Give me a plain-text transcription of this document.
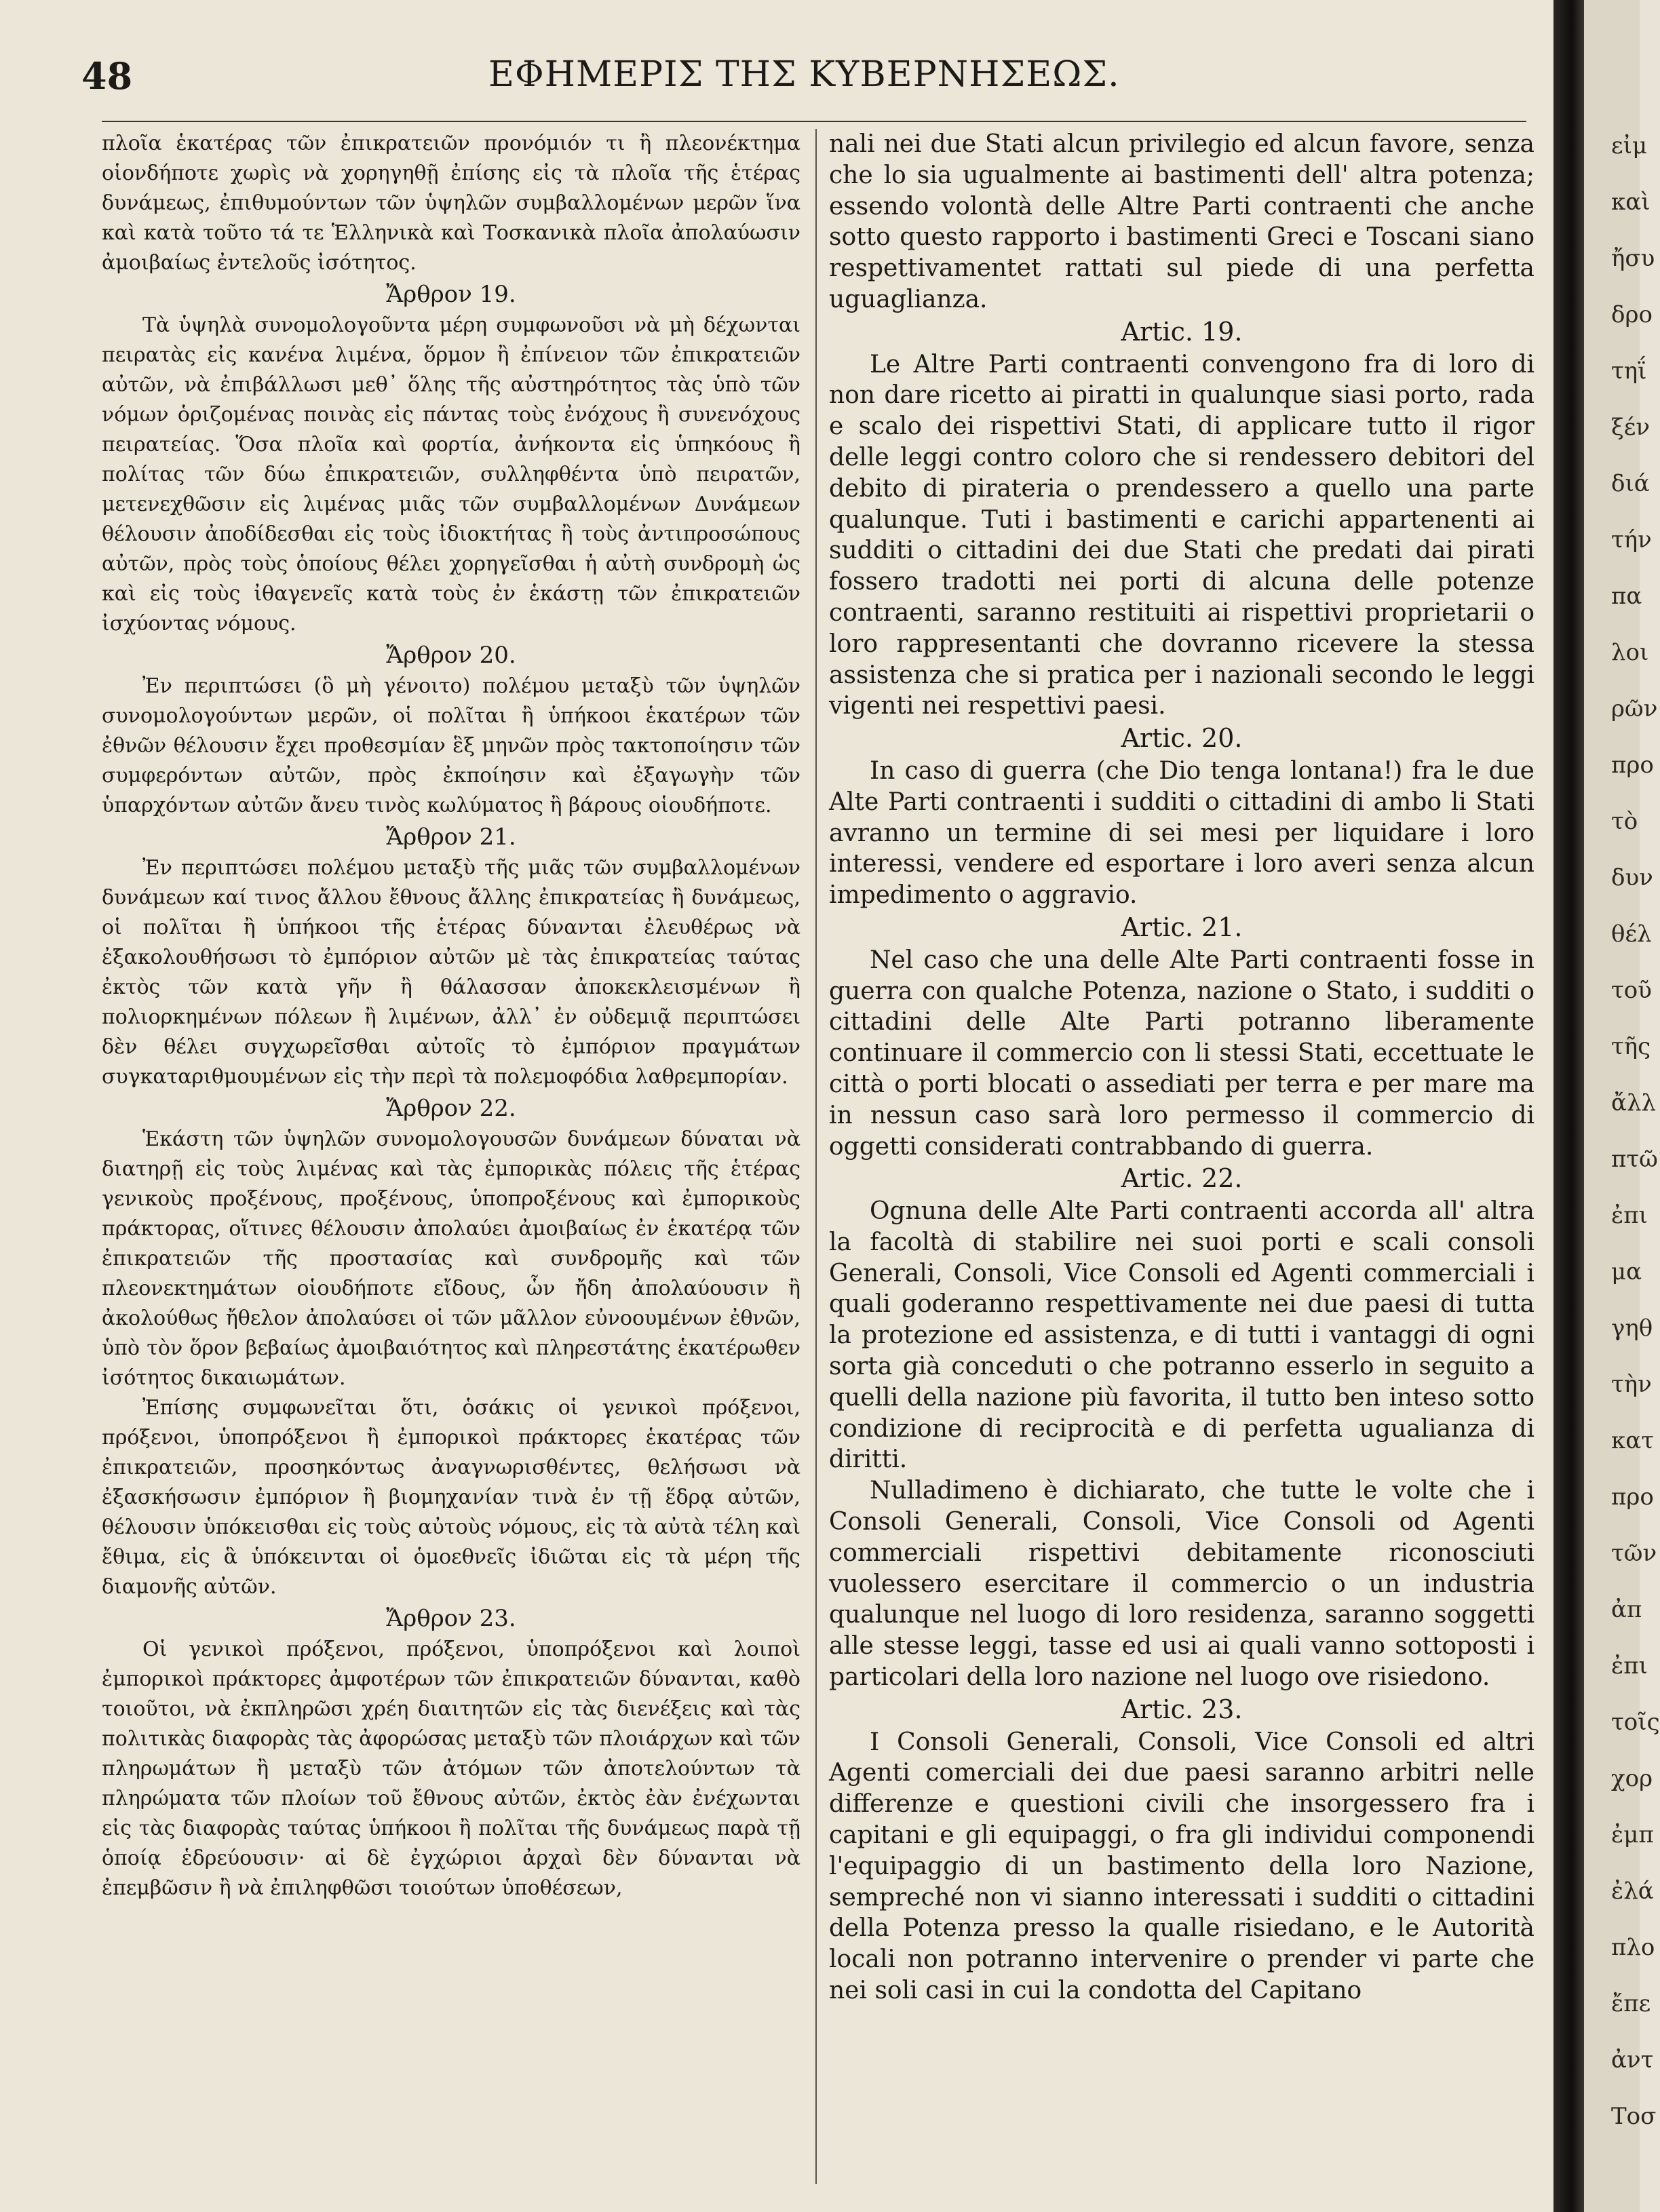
48	ΕΦΗΜΕΡΙΣ ΤΗΣ ΚΥΒΕΡΝΗΣΕΩΣ.

πλοῖα ἑκατέρας τῶν ἐπικρατειῶν προνόμιόν τι ἢ πλεονέκτημα οἱονδήποτε χωρὶς νὰ χορηγηθῇ ἐπίσης εἰς τὰ πλοῖα τῆς ἑτέρας δυνάμεως, ἐπιθυμούντων τῶν ὑψηλῶν συμβαλλομένων μερῶν ἵνα καὶ κατὰ τοῦτο τά τε Ἑλληνικὰ καὶ Τοσκανικὰ πλοῖα ἀπολαύωσιν ἀμοιβαίως ἐντελοῦς ἰσότητος.

Ἄρθρον 19.

Τὰ ὑψηλὰ συνομολογοῦντα μέρη συμφωνοῦσι νὰ μὴ δέχωνται πειρατὰς εἰς κανένα λιμένα, ὅρμον ἢ ἐπίνειον τῶν ἐπικρατειῶν αὐτῶν, νὰ ἐπιβάλλωσι μεθ᾽ ὅλης τῆς αὐστηρότητος τὰς ὑπὸ τῶν νόμων ὁριζομένας ποινὰς εἰς πάντας τοὺς ἐνόχους ἢ συνενόχους πειρατείας. Ὅσα πλοῖα καὶ φορτία, ἀνήκοντα εἰς ὑπηκόους ἢ πολίτας τῶν δύω ἐπικρατειῶν, συλληφθέντα ὑπὸ πειρατῶν, μετενεχθῶσιν εἰς λιμένας μιᾶς τῶν συμβαλλομένων Δυνάμεων θέλουσιν ἀποδίδεσθαι εἰς τοὺς ἰδιοκτήτας ἢ τοὺς ἀντιπροσώπους αὐτῶν, πρὸς τοὺς ὁποίους θέλει χορηγεῖσθαι ἡ αὐτὴ συνδρομὴ ὡς καὶ εἰς τοὺς ἰθαγενεῖς κατὰ τοὺς ἐν ἑκάστῃ τῶν ἐπικρατειῶν ἰσχύοντας νόμους.

Ἄρθρον 20.

Ἐν περιπτώσει (ὃ μὴ γένοιτο) πολέμου μεταξὺ τῶν ὑψηλῶν συνομολογούντων μερῶν, οἱ πολῖται ἢ ὑπήκοοι ἑκατέρων τῶν ἐθνῶν θέλουσιν ἔχει προθεσμίαν ἓξ μηνῶν πρὸς τακτοποίησιν τῶν συμφερόντων αὐτῶν, πρὸς ἐκποίησιν καὶ ἐξαγωγὴν τῶν ὑπαρχόντων αὐτῶν ἄνευ τινὸς κωλύματος ἢ βάρους οἱουδήποτε.

Ἄρθρον 21.

Ἐν περιπτώσει πολέμου μεταξὺ τῆς μιᾶς τῶν συμβαλλομένων δυνάμεων καί τινος ἄλλου ἔθνους ἄλλης ἐπικρατείας ἢ δυνάμεως, οἱ πολῖται ἢ ὑπήκοοι τῆς ἑτέρας δύνανται ἐλευθέρως νὰ ἐξακολουθήσωσι τὸ ἐμπόριον αὐτῶν μὲ τὰς ἐπικρατείας ταύτας ἐκτὸς τῶν κατὰ γῆν ἢ θάλασσαν ἀποκεκλεισμένων ἢ πολιορκημένων πόλεων ἢ λιμένων, ἀλλ᾽ ἐν οὐδεμιᾷ περιπτώσει δὲν θέλει συγχωρεῖσθαι αὐτοῖς τὸ ἐμπόριον πραγμάτων συγκαταριθμουμένων εἰς τὴν περὶ τὰ πολεμοφόδια λαθρεμπορίαν.

Ἄρθρον 22.

Ἑκάστη τῶν ὑψηλῶν συνομολογουσῶν δυνάμεων δύναται νὰ διατηρῇ εἰς τοὺς λιμένας καὶ τὰς ἐμπορικὰς πόλεις τῆς ἑτέρας γενικοὺς προξένους, προξένους, ὑποπροξένους καὶ ἐμπορικοὺς πράκτορας, οἵτινες θέλουσιν ἀπολαύει ἀμοιβαίως ἐν ἑκατέρᾳ τῶν ἐπικρατειῶν τῆς προστασίας καὶ συνδρομῆς καὶ τῶν πλεονεκτημάτων οἱουδήποτε εἴδους, ὧν ἤδη ἀπολαύουσιν ἢ ἀκολούθως ἤθελον ἀπολαύσει οἱ τῶν μᾶλλον εὐνοουμένων ἐθνῶν, ὑπὸ τὸν ὅρον βεβαίως ἀμοιβαιότητος καὶ πληρεστάτης ἑκατέρωθεν ἰσότητος δικαιωμάτων.

Ἐπίσης συμφωνεῖται ὅτι, ὁσάκις οἱ γενικοὶ πρόξενοι, πρόξενοι, ὑποπρόξενοι ἢ ἐμπορικοὶ πράκτορες ἑκατέρας τῶν ἐπικρατειῶν, προσηκόντως ἀναγνωρισθέντες, θελήσωσι νὰ ἐξασκήσωσιν ἐμπόριον ἢ βιομηχανίαν τινὰ ἐν τῇ ἕδρᾳ αὐτῶν, θέλουσιν ὑπόκεισθαι εἰς τοὺς αὐτοὺς νόμους, εἰς τὰ αὐτὰ τέλη καὶ ἔθιμα, εἰς ἃ ὑπόκεινται οἱ ὁμοεθνεῖς ἰδιῶται εἰς τὰ μέρη τῆς διαμονῆς αὐτῶν.

Ἄρθρον 23.

Οἱ γενικοὶ πρόξενοι, πρόξενοι, ὑποπρόξενοι καὶ λοιποὶ ἐμπορικοὶ πράκτορες ἀμφοτέρων τῶν ἐπικρατειῶν δύνανται, καθὸ τοιοῦτοι, νὰ ἐκπληρῶσι χρέη διαιτητῶν εἰς τὰς διενέξεις καὶ τὰς πολιτικὰς διαφορὰς τὰς ἀφορώσας μεταξὺ τῶν πλοιάρχων καὶ τῶν πληρωμάτων ἢ μεταξὺ τῶν ἀτόμων τῶν ἀποτελούντων τὰ πληρώματα τῶν πλοίων τοῦ ἔθνους αὐτῶν, ἐκτὸς ἐὰν ἐνέχωνται εἰς τὰς διαφορὰς ταύτας ὑπήκοοι ἢ πολῖται τῆς δυνάμεως παρὰ τῇ ὁποίᾳ ἑδρεύουσιν· αἱ δὲ ἐγχώριοι ἀρχαὶ δὲν δύνανται νὰ ἐπεμβῶσιν ἢ νὰ ἐπιληφθῶσι τοιούτων ὑποθέσεων,

nali nei due Stati alcun privilegio ed alcun favore, senza che lo sia ugualmente ai bastimenti dell' altra potenza; essendo volontà delle Altre Parti contraenti che anche sotto questo rapporto i bastimenti Greci e Toscani siano respettivamentet rattati sul piede di una perfetta uguaglianza.

Artic. 19.

Le Altre Parti contraenti convengono fra di loro di non dare ricetto ai piratti in qualunque siasi porto, rada e scalo dei rispettivi Stati, di applicare tutto il rigor delle leggi contro coloro che si rendessero debitori del debito di pirateria o prendessero a quello una parte qualunque. Tuti i bastimenti e carichi appartenenti ai sudditi o cittadini dei due Stati che predati dai pirati fossero tradotti nei porti di alcuna delle potenze contraenti, saranno restituiti ai rispettivi proprietarii o loro rappresentanti che dovranno ricevere la stessa assistenza che si pratica per i nazionali secondo le leggi vigenti nei respettivi paesi.

Artic. 20.

In caso di guerra (che Dio tenga lontana!) fra le due Alte Parti contraenti i sudditi o cittadini di ambo li Stati avranno un termine di sei mesi per liquidare i loro interessi, vendere ed esportare i loro averi senza alcun impedimento o aggravio.

Artic. 21.

Nel caso che una delle Alte Parti contraenti fosse in guerra con qualche Potenza, nazione o Stato, i sudditi o cittadini delle Alte Parti potranno liberamente continuare il commercio con li stessi Stati, eccettuate le città o porti blocati o assediati per terra e per mare ma in nessun caso sarà loro permesso il commercio di oggetti considerati contrabbando di guerra.

Artic. 22.

Ognuna delle Alte Parti contraenti accorda all' altra la facoltà di stabilire nei suoi porti e scali consoli Generali, Consoli, Vice Consoli ed Agenti commerciali i quali goderanno respettivamente nei due paesi di tutta la protezione ed assistenza, e di tutti i vantaggi di ogni sorta già conceduti o che potranno esserlo in seguito a quelli della nazione più favorita, il tutto ben inteso sotto condizione di reciprocità e di perfetta ugualianza di diritti.

Nulladimeno è dichiarato, che tutte le volte che i Consoli Generali, Consoli, Vice Consoli od Agenti commerciali rispettivi debitamente riconosciuti vuolessero esercitare il commercio o un industria qualunque nel luogo di loro residenza, saranno soggetti alle stesse leggi, tasse ed usi ai quali vanno sottoposti i particolari della loro nazione nel luogo ove risiedono.

Artic. 23.

I Consoli Generali, Consoli, Vice Consoli ed altri Agenti comerciali dei due paesi saranno arbitri nelle differenze e questioni civili che insorgessero fra i capitani e gli equipaggi, o fra gli individui componendi l'equipaggio di un bastimento della loro Nazione, sempreché non vi sianno interessati i sudditi o cittadini della Potenza presso la qualle risiedano, e le Autorità locali non potranno intervenire o prender vi parte che nei soli casi in cui la condotta del Capitano

εἰμ
καὶ
ἤσυ
δρο
τηΐ
ξέν
διά
τήν
πα
λοι
ρῶν
προ
τὸ
δυν
θέλ
τοῦ
τῆς
ἄλλ
πτῶ
ἐπι
μα
γηθ
τὴν
κατ
προ
τῶν
ἀπ
ἐπι
τοῖς
χορ
ἐμπ
ἐλά
πλο
ἔπε
ἀντ
Τοσ
